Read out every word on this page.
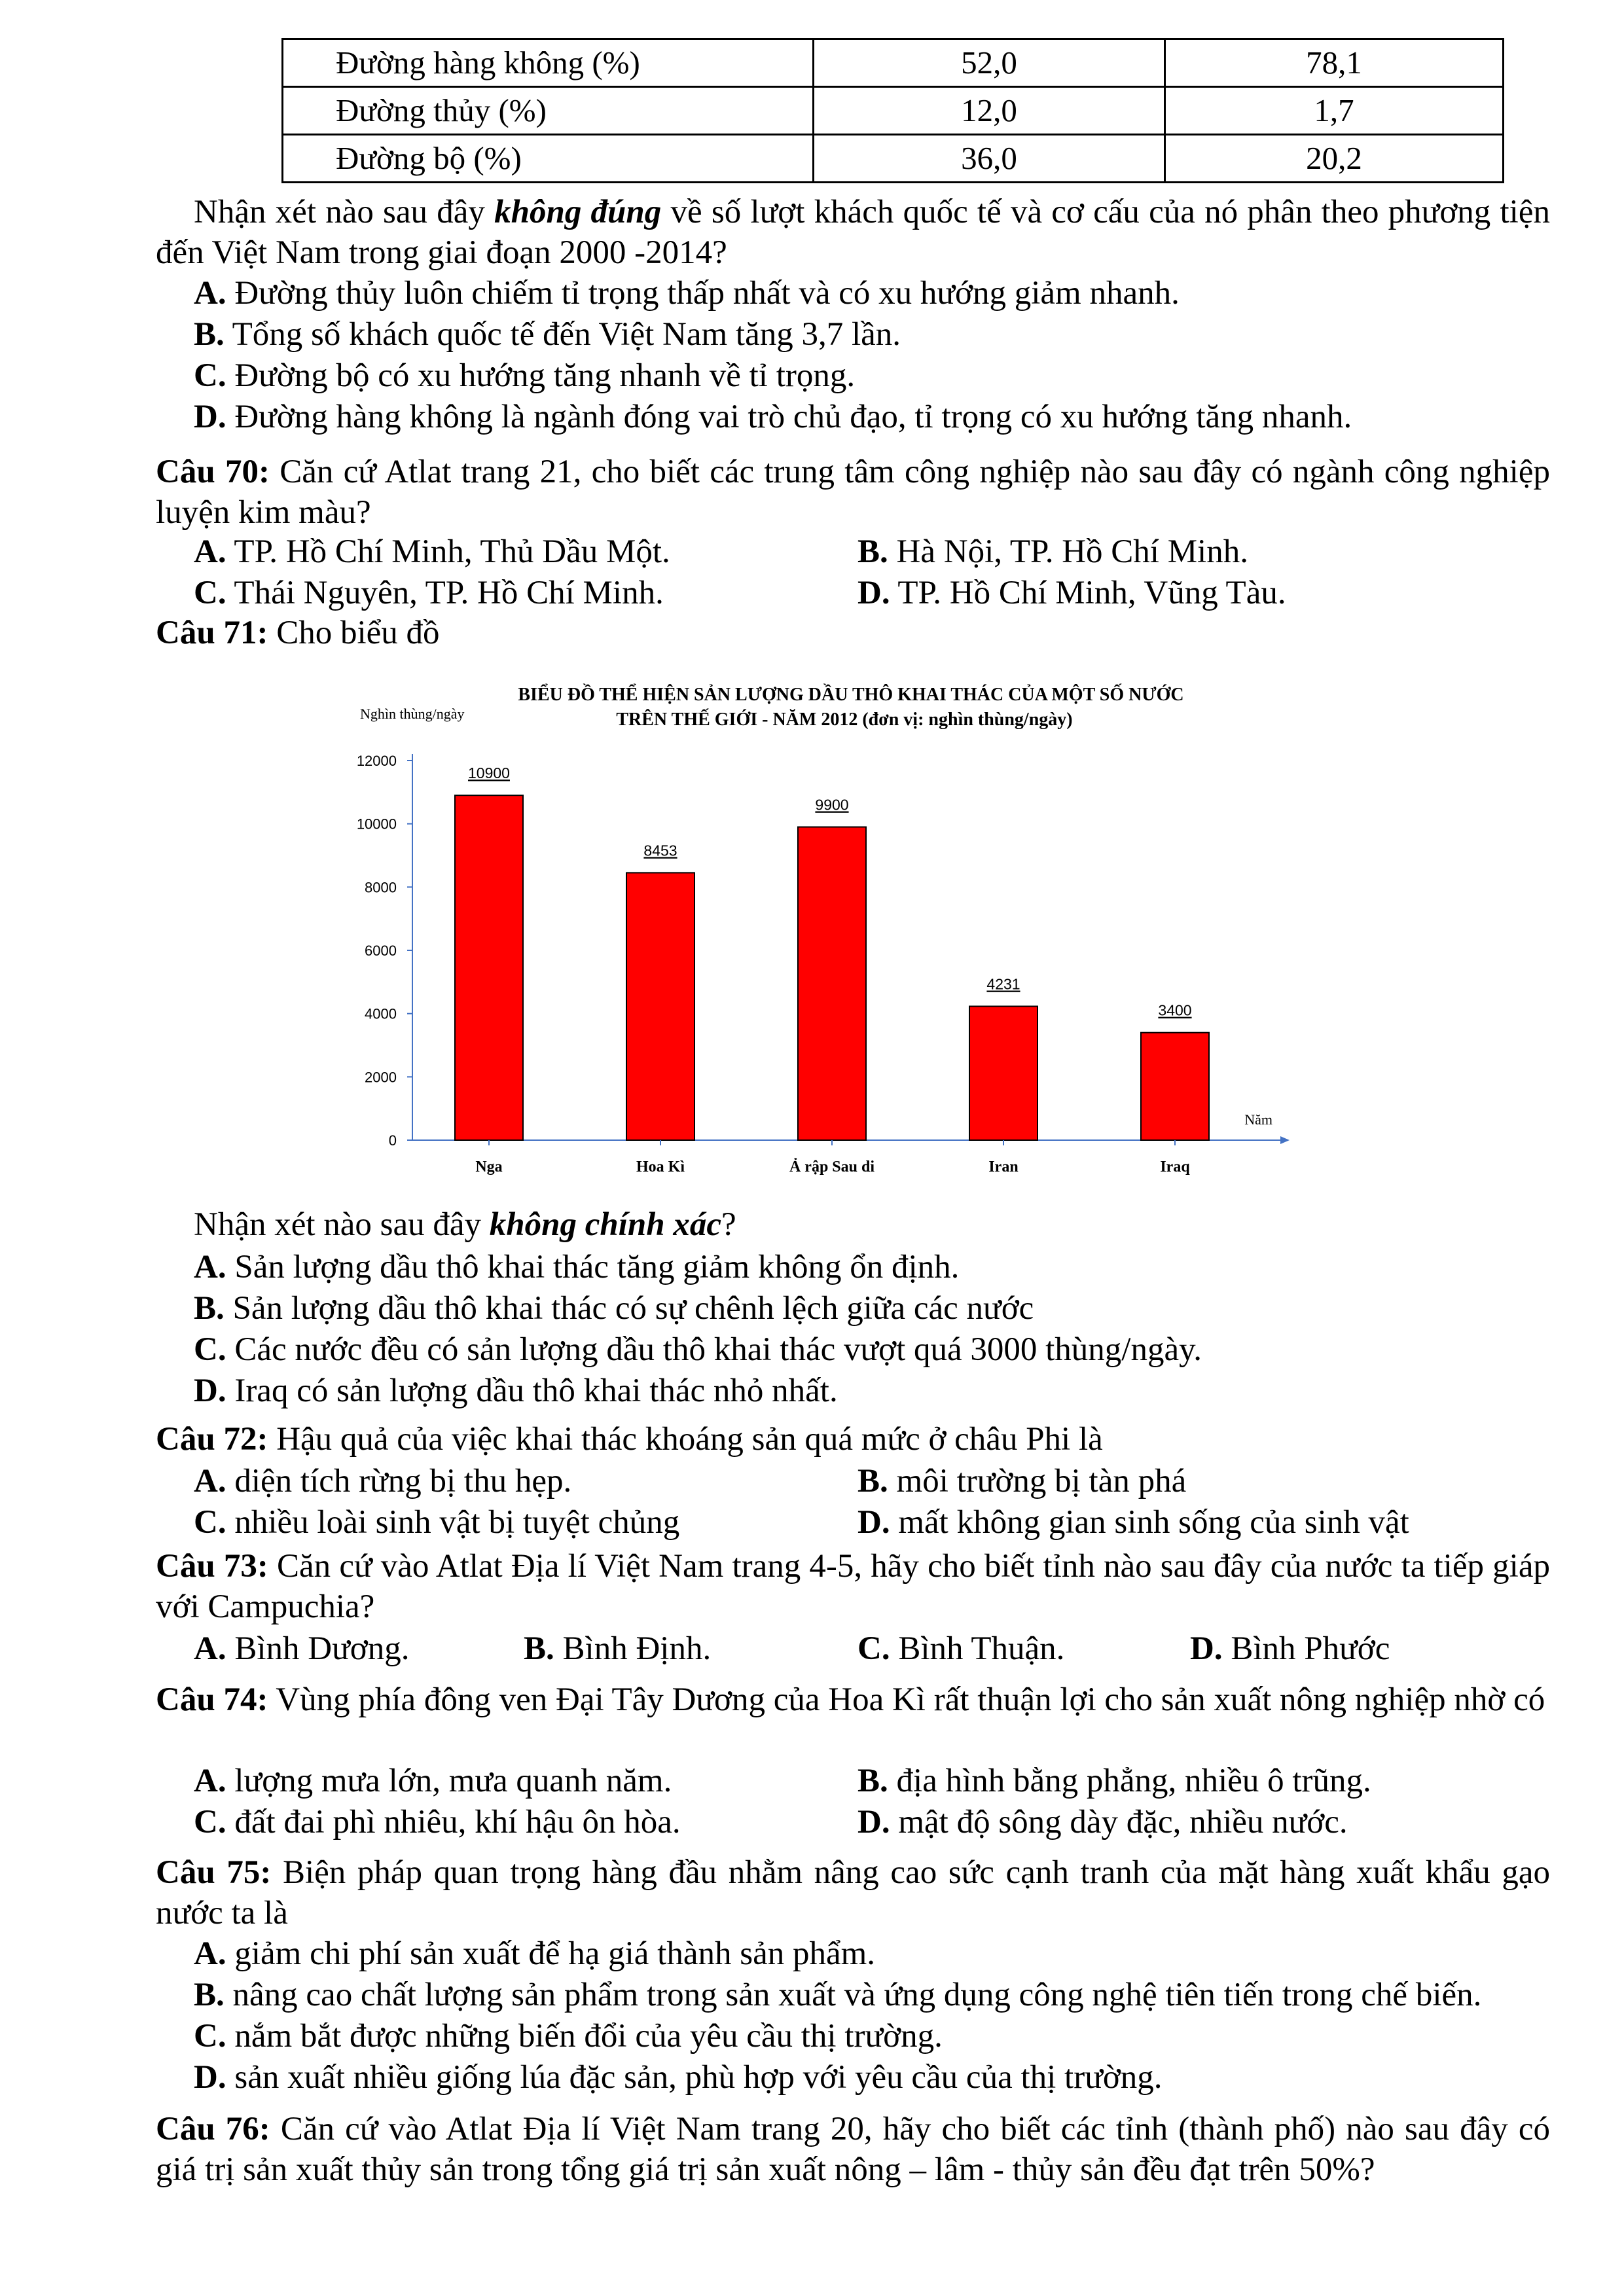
Đường hàng không (%)	52,0	78,1
Đường thủy (%)	12,0	1,7
Đường bộ (%)	36,0	20,2
Nhận xét nào sau đây không đúng về số lượt khách quốc tế và cơ cấu của nó phân theo phương tiện đến Việt Nam trong giai đoạn 2000 -2014?
A. Đường thủy luôn chiếm tỉ trọng thấp nhất và có xu hướng giảm nhanh.
B. Tổng số khách quốc tế đến Việt Nam tăng 3,7 lần.
C. Đường bộ có xu hướng tăng nhanh về tỉ trọng.
D. Đường hàng không là ngành đóng vai trò chủ đạo, tỉ trọng có xu hướng tăng nhanh.
Câu 70: Căn cứ Atlat trang 21, cho biết các trung tâm công nghiệp nào sau đây có ngành công nghiệp luyện kim màu?
A. TP. Hồ Chí Minh, Thủ Dầu Một.	B. Hà Nội, TP. Hồ Chí Minh.
C. Thái Nguyên, TP. Hồ Chí Minh.	D. TP. Hồ Chí Minh, Vũng Tàu.
Câu 71: Cho biểu đồ
BIỂU ĐỒ THỂ HIỆN SẢN LƯỢNG DẦU THÔ KHAI THÁC CỦA MỘT SỐ NƯỚC
TRÊN THẾ GIỚI - NĂM 2012 (đơn vị: nghìn thùng/ngày)
Nghìn thùng/ngày
0
2000
4000
6000
8000
10000
12000
Năm
10900
Nga
8453
Hoa Kì
9900
Ả rập Sau di
4231
Iran
3400
Iraq
Nhận xét nào sau đây không chính xác?
A. Sản lượng dầu thô khai thác tăng giảm không ổn định.
B. Sản lượng dầu thô khai thác có sự chênh lệch giữa các nước
C. Các nước đều có sản lượng dầu thô khai thác vượt quá 3000 thùng/ngày.
D. Iraq có sản lượng dầu thô khai thác nhỏ nhất.
Câu 72: Hậu quả của việc khai thác khoáng sản quá mức ở châu Phi là
A. diện tích rừng bị thu hẹp.	B. môi trường bị tàn phá
C. nhiều loài sinh vật bị tuyệt chủng	D. mất không gian sinh sống của sinh vật
Câu 73: Căn cứ vào Atlat Địa lí Việt Nam trang 4-5, hãy cho biết tỉnh nào sau đây của nước ta tiếp giáp với Campuchia?
A. Bình Dương.	B. Bình Định.	C. Bình Thuận.	D. Bình Phước
Câu 74: Vùng phía đông ven Đại Tây Dương của Hoa Kì rất thuận lợi cho sản xuất nông nghiệp nhờ có
A. lượng mưa lớn, mưa quanh năm.	B. địa hình bằng phẳng, nhiều ô trũng.
C. đất đai phì nhiêu, khí hậu ôn hòa.	D. mật độ sông dày đặc, nhiều nước.
Câu 75: Biện pháp quan trọng hàng đầu nhằm nâng cao sức cạnh tranh của mặt hàng xuất khẩu gạo nước ta là
A. giảm chi phí sản xuất để hạ giá thành sản phẩm.
B. nâng cao chất lượng sản phẩm trong sản xuất và ứng dụng công nghệ tiên tiến trong chế biến.
C. nắm bắt được những biến đổi của yêu cầu thị trường.
D. sản xuất nhiều giống lúa đặc sản, phù hợp với yêu cầu của thị trường.
Câu 76: Căn cứ vào Atlat Địa lí Việt Nam trang 20, hãy cho biết các tỉnh (thành phố) nào sau đây có giá trị sản xuất thủy sản trong tổng giá trị sản xuất nông – lâm - thủy sản đều đạt trên 50%?
